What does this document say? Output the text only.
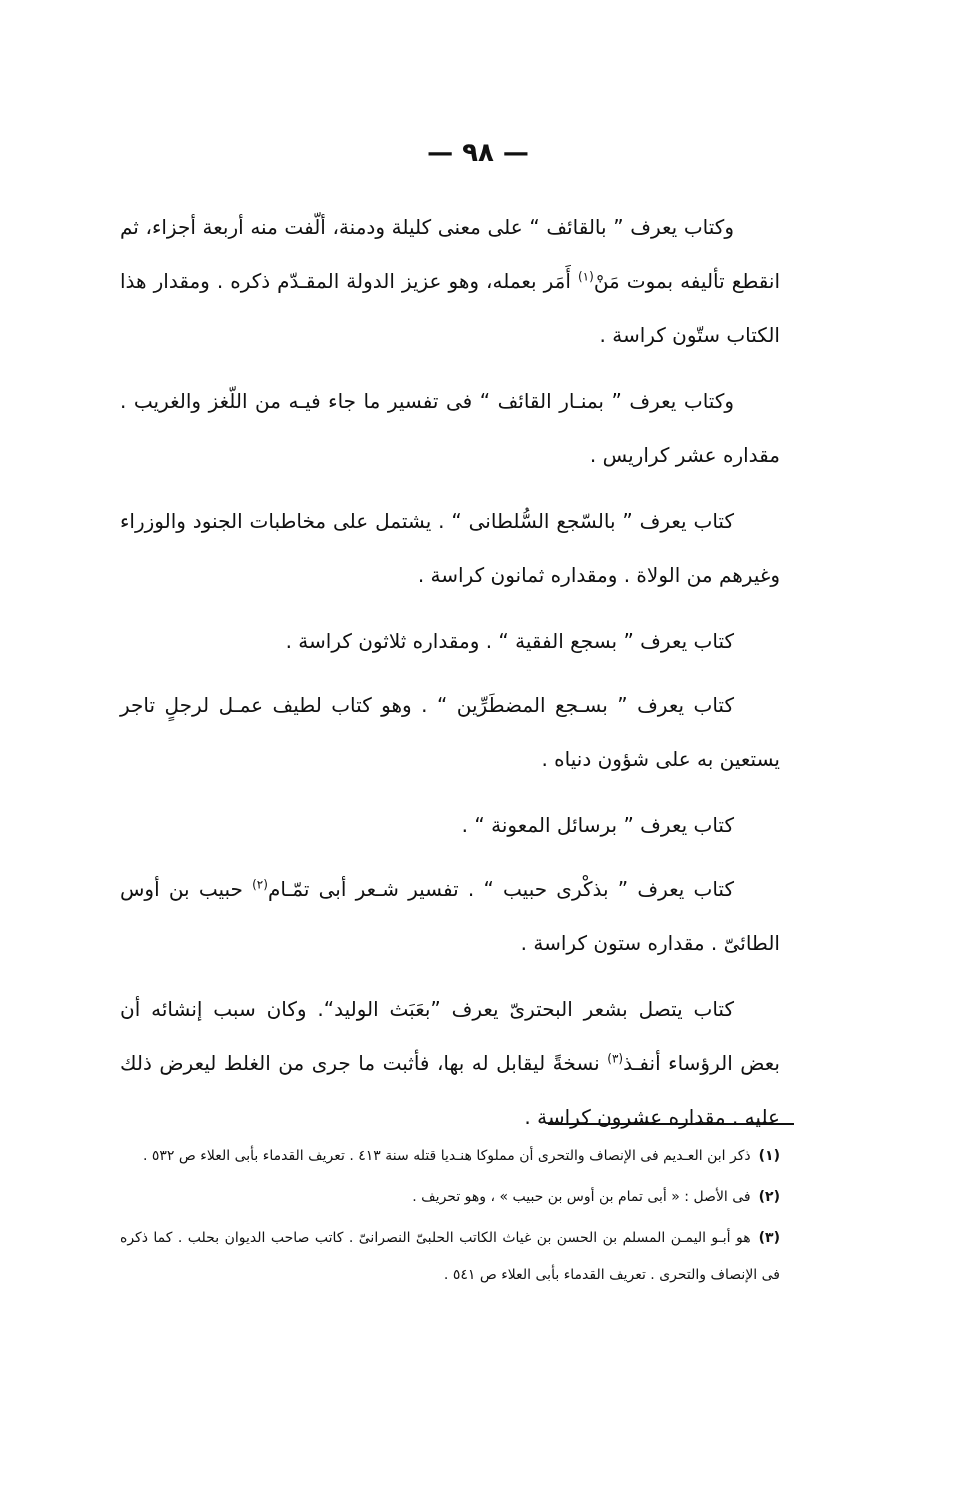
— ٩٨ —

وكتاب يعرف ” بالقائف “ على معنى كليلة ودمنة، ألّفت منه أربعة أجزاء، ثم انقطع تأليفه بموت مَنْ$^{(١)}$ أَمَر بعمله، وهو عزيز الدولة المقـدّم ذكره . ومقدار هذا الكتاب ستّون كراسة .

وكتاب يعرف ” بمنـار القائف “ فى تفسير ما جاء فيـه من اللّغز والغريب . مقداره عشر كراريس .

كتاب يعرف ” بالسّجع السُّلطانى “ . يشتمل على مخاطبات الجنود والوزراء وغيرهم من الولاة . ومقداره ثمانون كراسة .

كتاب يعرف ” بسجع الفقية “ . ومقداره ثلاثون كراسة .

كتاب يعرف ” بسـجع المضطَرِّين “ . وهو كتاب لطيف عمـل لرجلٍ تاجر يستعين به على شؤون دنياه .

كتاب يعرف ” برسائل المعونة “ .

كتاب يعرف ” بذكْرى حبيب “ . تفسير شـعر أبى تمّـام$^{(٢)}$ حبيب بن أوس الطائىّ . مقداره ستون كراسة .

كتاب يتصل بشعر البحترىّ يعرف ”بعَبَث الوليد“. وكان سبب إنشائه أن بعض الرؤساء أنفـذ$^{(٣)}$ نسخةً ليقابل له بها، فأثبت ما جرى من الغلط ليعرض ذلك عليه . مقداره عشرون كراسة .

(١)ذكر ابن العـديم فى الإنصاف والتحرى أن مملوكا هنـديا قتله سنة ٤١٣ . تعريف القدماء بأبى العلاء ص ٥٣٢ .

(٢)فى الأصل : « أبى تمام بن أوس بن حبيب » ، وهو تحريف .

(٣)هو أبـو اليمـن المسلم بن الحسن بن غياث الكاتب الحلبىّ النصرانىّ . كاتب صاحب الديوان بحلب . كما ذكره فى الإنصاف والتحرى . تعريف القدماء بأبى العلاء ص ٥٤١ .
